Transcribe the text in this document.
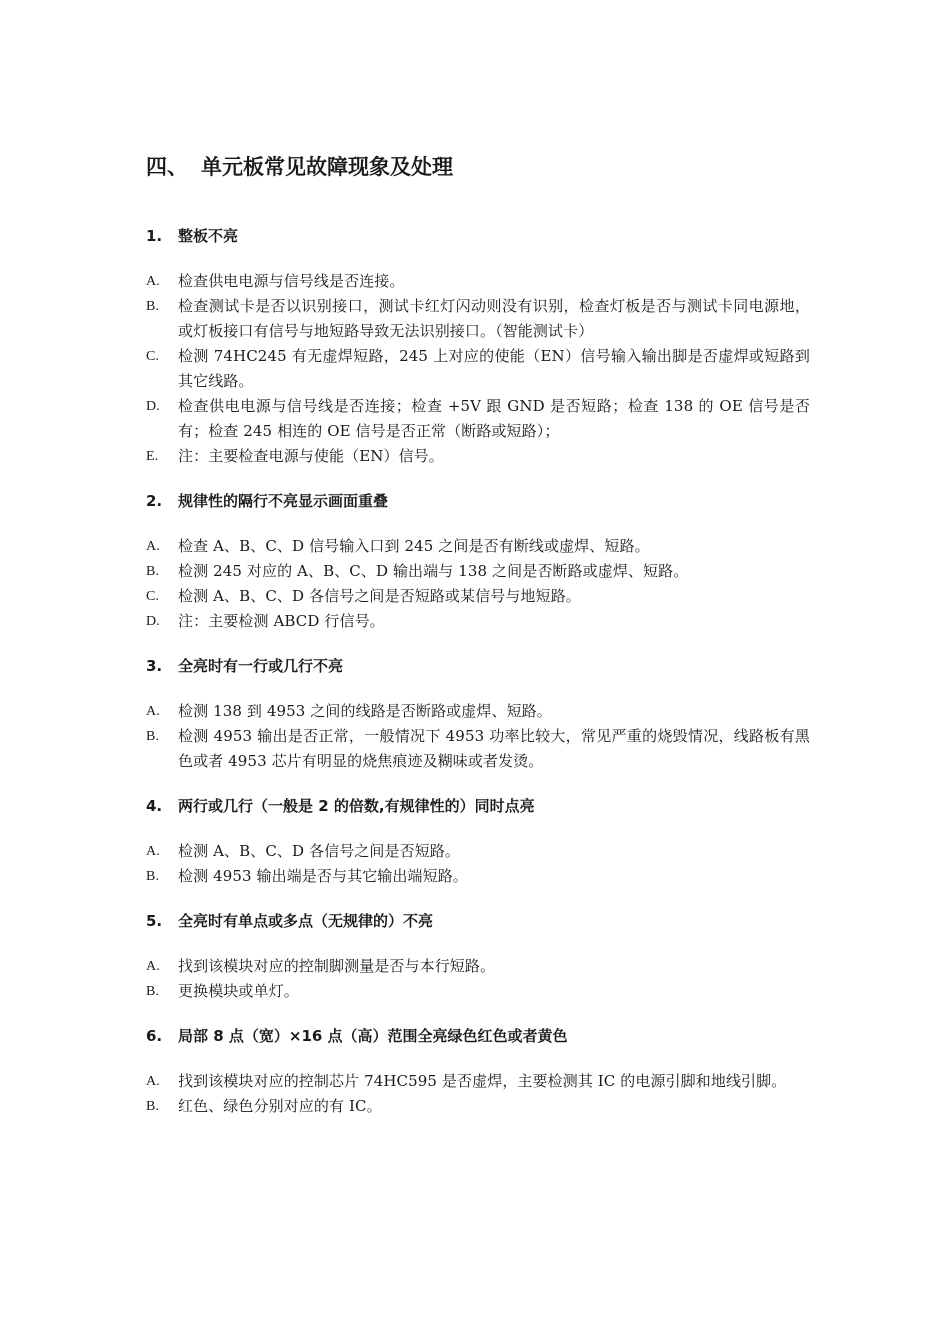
四、 单元板常见故障现象及处理
1.	整板不亮
A.	检查供电电源与信号线是否连接。
B.	检查测试卡是否以识别接口，测试卡红灯闪动则没有识别，检查灯板是否与测试卡同电源地，或灯板接口有信号与地短路导致无法识别接口。（智能测试卡）
C.	检测 74HC245 有无虚焊短路，245 上对应的使能（EN）信号输入输出脚是否虚焊或短路到其它线路。
D.	检查供电电源与信号线是否连接；检查 +5V 跟 GND 是否短路；检查 138 的 OE 信号是否有；检查 245 相连的 OE 信号是否正常（断路或短路）；
E.	注：主要检查电源与使能（EN）信号。
2.	规律性的隔行不亮显示画面重叠
A.	检查 A、B、C、D 信号输入口到 245 之间是否有断线或虚焊、短路。
B.	检测 245 对应的 A、B、C、D 输出端与 138 之间是否断路或虚焊、短路。
C.	检测 A、B、C、D 各信号之间是否短路或某信号与地短路。
D.	注：主要检测 ABCD 行信号。
3.	全亮时有一行或几行不亮
A.	检测 138 到 4953 之间的线路是否断路或虚焊、短路。
B.	检测 4953 输出是否正常，一般情况下 4953 功率比较大，常见严重的烧毁情况，线路板有黑色或者 4953 芯片有明显的烧焦痕迹及糊味或者发烫。
4.	两行或几行（一般是 2 的倍数,有规律性的）同时点亮
A.	检测 A、B、C、D 各信号之间是否短路。
B.	检测 4953 输出端是否与其它输出端短路。
5.	全亮时有单点或多点（无规律的）不亮
A.	找到该模块对应的控制脚测量是否与本行短路。
B.	更换模块或单灯。
6.	局部 8 点（宽）×16 点（高）范围全亮绿色红色或者黄色
A.	找到该模块对应的控制芯片 74HC595 是否虚焊，主要检测其 IC 的电源引脚和地线引脚。
B.	红色、绿色分别对应的有 IC。
